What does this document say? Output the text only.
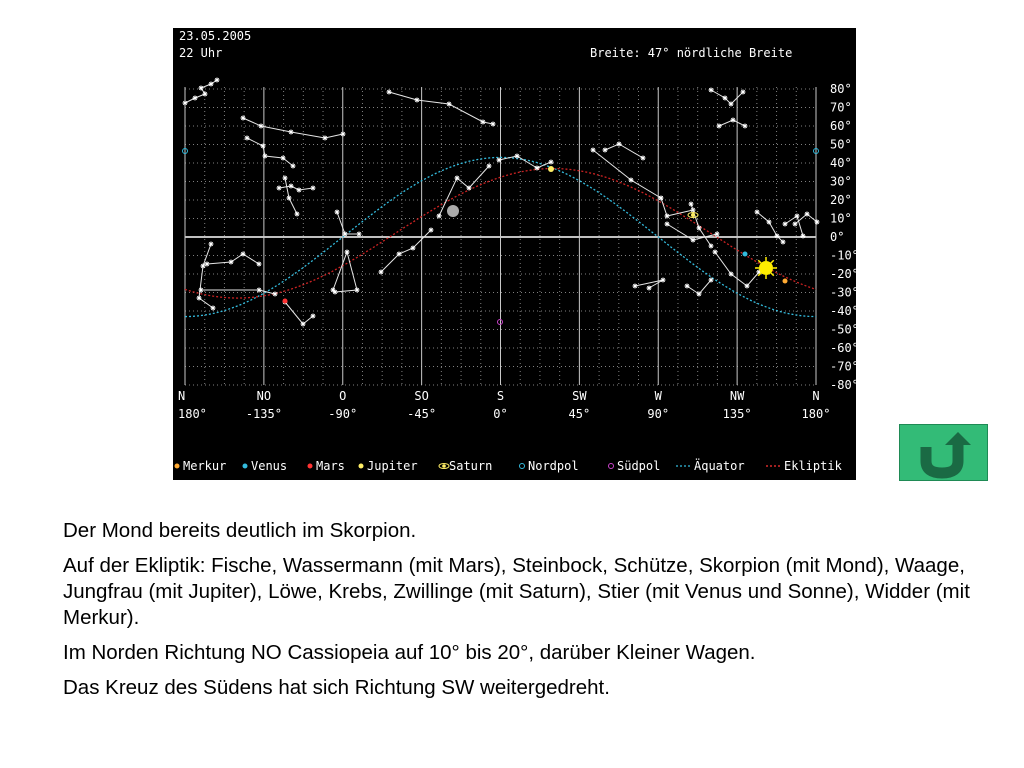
23.05.2005
22 Uhr	Breite: 47° nördliche Breite
80°
70°
60°
50°
40°
30°
20°
10°
0°
-10°
-20°
-30°
-40°
-50°
-60°
-70°
-80°
N
180°
NO
-135°
O
-90°
SO
-45°
S
0°
SW
45°
W
90°
NW
135°
N
180°
Merkur Venus Mars Jupiter	Saturn	Nordpol	Südpol	Äquator	Ekliptik

Der Mond bereits deutlich im Skorpion.

Auf der Ekliptik: Fische, Wassermann (mit Mars), Steinbock, Schütze, Skorpion (mit Mond), Waage, Jungfrau (mit Jupiter), Löwe, Krebs, Zwillinge (mit Saturn), Stier (mit Venus und Sonne), Widder (mit Merkur).

Im Norden Richtung NO Cassiopeia auf 10° bis 20°, darüber Kleiner Wagen.

Das Kreuz des Südens hat sich Richtung SW weitergedreht.
